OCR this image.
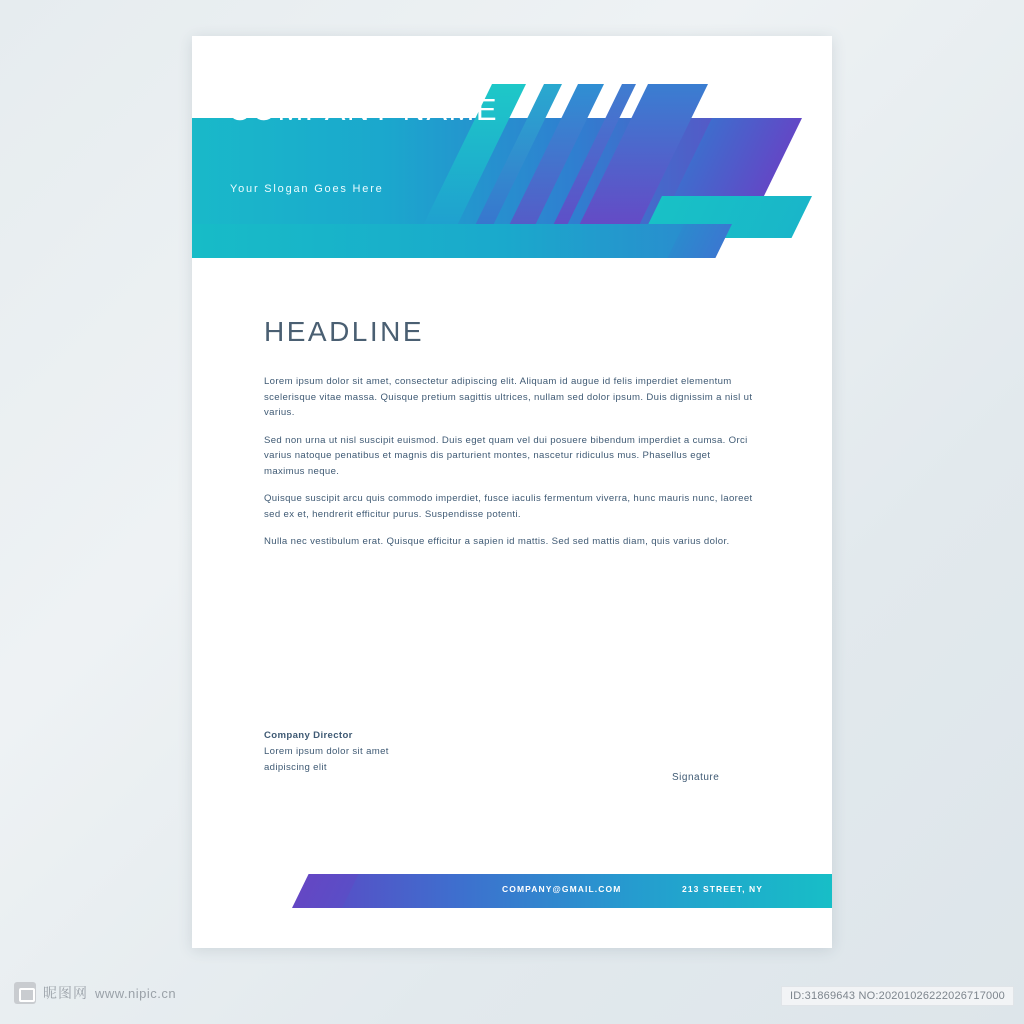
COMPANY NAME
Your Slogan Goes Here
HEADLINE

Lorem ipsum dolor sit amet, consectetur adipiscing elit. Aliquam id augue id felis imperdiet elementum scelerisque vitae massa. Quisque pretium sagittis ultrices, nullam sed dolor ipsum. Duis dignissim a nisl ut varius.

Sed non urna ut nisl suscipit euismod. Duis eget quam vel dui posuere bibendum imperdiet a cumsa. Orci varius natoque penatibus et magnis dis parturient montes, nascetur ridiculus mus. Phasellus eget maximus neque.

Quisque suscipit arcu quis commodo imperdiet, fusce iaculis fermentum viverra, hunc mauris nunc, laoreet sed ex et, hendrerit efficitur purus. Suspendisse potenti.

Nulla nec vestibulum erat. Quisque efficitur a sapien id mattis. Sed sed mattis diam, quis varius dolor.

Company Director
Lorem ipsum dolor sit amet
adipiscing elit
Signature
COMPANY@GMAIL.COM	213 STREET, NY
昵图网 www.nipic.cn	ID:31869643 NO:20201026222026717000
